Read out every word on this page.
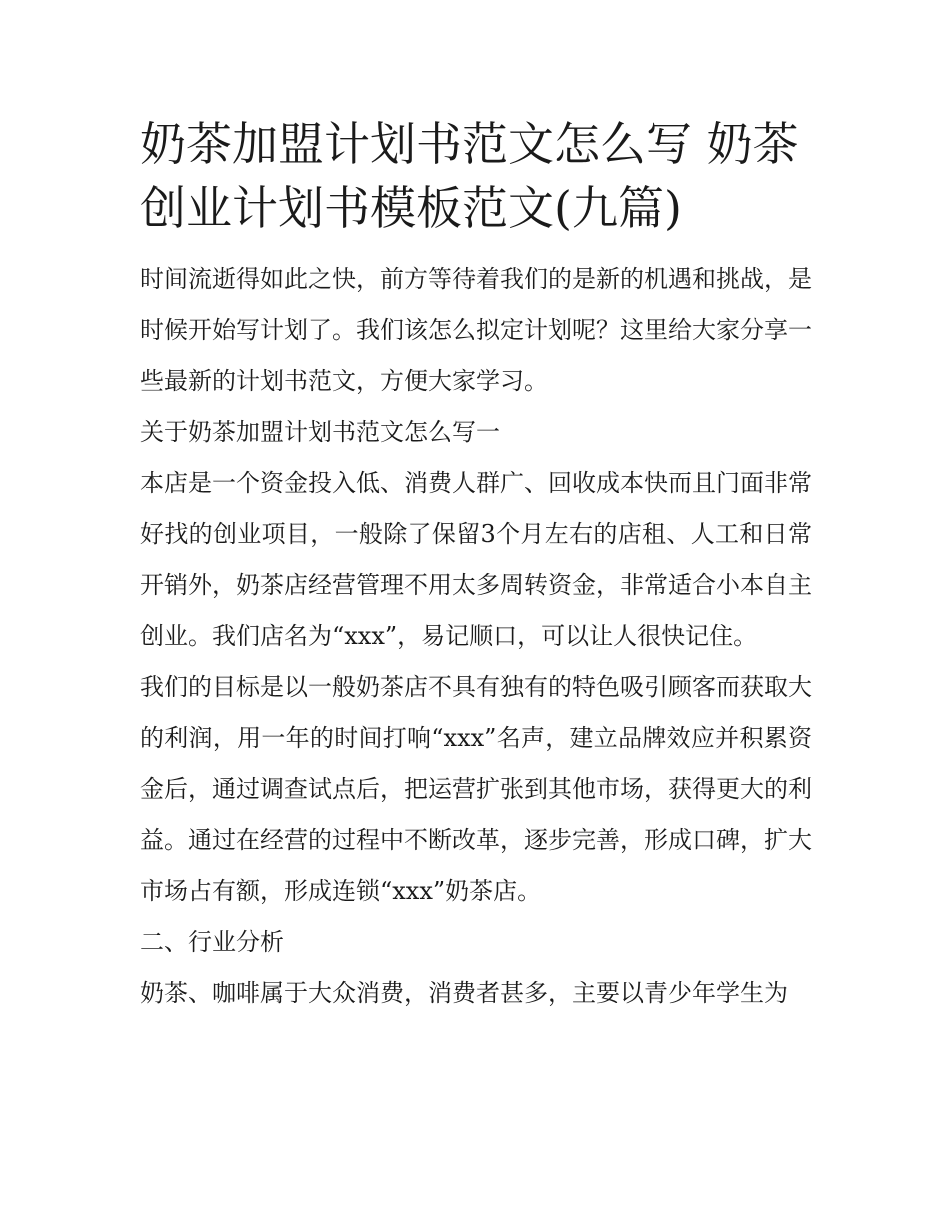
奶茶加盟计划书范文怎么写 奶茶创业计划书模板范文(九篇)

时间流逝得如此之快，前方等待着我们的是新的机遇和挑战，是时候开始写计划了。我们该怎么拟定计划呢？这里给大家分享一些最新的计划书范文，方便大家学习。

关于奶茶加盟计划书范文怎么写一

本店是一个资金投入低、消费人群广、回收成本快而且门面非常好找的创业项目，一般除了保留3个月左右的店租、人工和日常开销外，奶茶店经营管理不用太多周转资金，非常适合小本自主创业。我们店名为“xxx”，易记顺口，可以让人很快记住。

我们的目标是以一般奶茶店不具有独有的特色吸引顾客而获取大的利润，用一年的时间打响“xxx”名声，建立品牌效应并积累资金后，通过调查试点后，把运营扩张到其他市场，获得更大的利益。通过在经营的过程中不断改革，逐步完善，形成口碑，扩大市场占有额，形成连锁“xxx”奶茶店。

二、行业分析

奶茶、咖啡属于大众消费，消费者甚多，主要以青少年学生为
